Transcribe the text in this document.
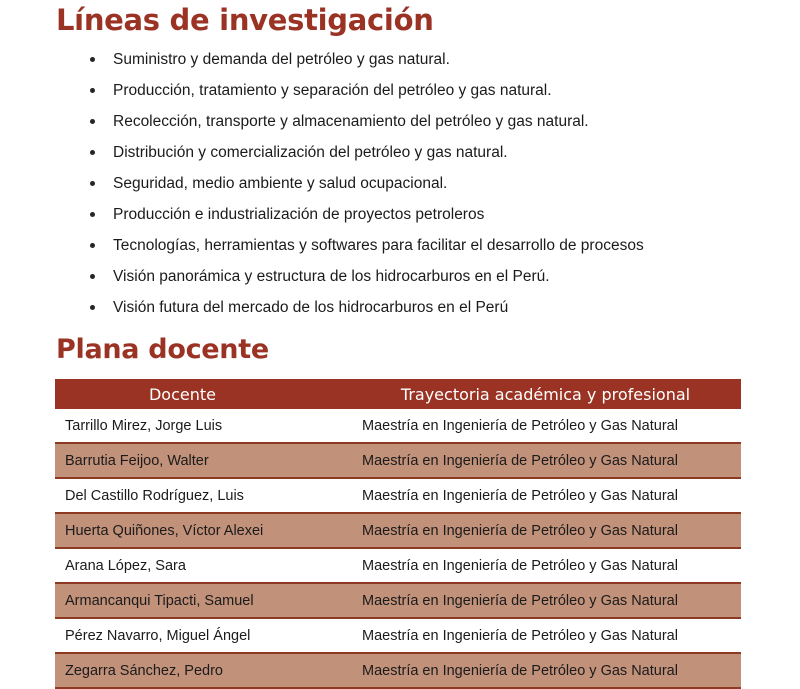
Líneas de investigación
Suministro y demanda del petróleo y gas natural.
Producción, tratamiento y separación del petróleo y gas natural.
Recolección, transporte y almacenamiento del petróleo y gas natural.
Distribución y comercialización del petróleo y gas natural.
Seguridad, medio ambiente y salud ocupacional.
Producción e industrialización de proyectos petroleros
Tecnologías, herramientas y softwares para facilitar el desarrollo de procesos
Visión panorámica y estructura de los hidrocarburos en el Perú.
Visión futura del mercado de los hidrocarburos en el Perú
Plana docente
Docente	Trayectoria académica y profesional
Tarrillo Mirez, Jorge Luis	Maestría en Ingeniería de Petróleo y Gas Natural
Barrutia Feijoo, Walter	Maestría en Ingeniería de Petróleo y Gas Natural
Del Castillo Rodríguez, Luis	Maestría en Ingeniería de Petróleo y Gas Natural
Huerta Quiñones, Víctor Alexei	Maestría en Ingeniería de Petróleo y Gas Natural
Arana López, Sara	Maestría en Ingeniería de Petróleo y Gas Natural
Armancanqui Tipacti, Samuel	Maestría en Ingeniería de Petróleo y Gas Natural
Pérez Navarro, Miguel Ángel	Maestría en Ingeniería de Petróleo y Gas Natural
Zegarra Sánchez, Pedro	Maestría en Ingeniería de Petróleo y Gas Natural
